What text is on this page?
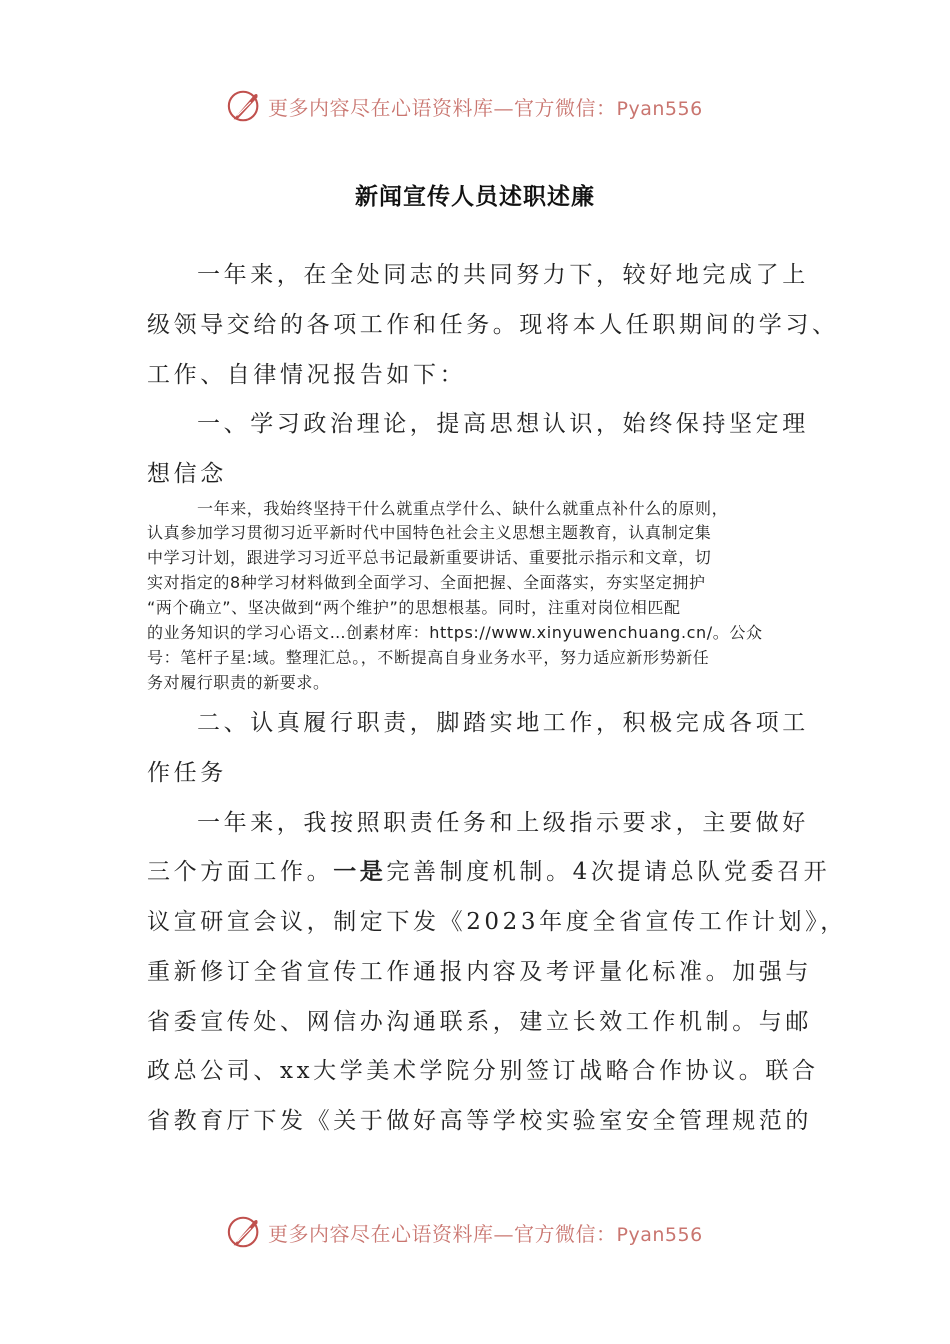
更多内容尽在心语资料库—官方微信：Pyan556
新闻宣传人员述职述廉
一年来，在全处同志的共同努力下，较好地完成了上
级领导交给的各项工作和任务。现将本人任职期间的学习、
工作、自律情况报告如下：
一、学习政治理论，提高思想认识，始终保持坚定理
想信念
一年来，我始终坚持干什么就重点学什么、缺什么就重点补什么的原则，
认真参加学习贯彻习近平新时代中国特色社会主义思想主题教育，认真制定集
中学习计划，跟进学习习近平总书记最新重要讲话、重要批示指示和文章，切
实对指定的8种学习材料做到全面学习、全面把握、全面落实，夯实坚定拥护
“两个确立”、坚决做到“两个维护”的思想根基。同时，注重对岗位相匹配
的业务知识的学习心语文…创素材库：https://www.xinyuwenchuang.cn/。公众
号：笔杆子星:域。整理汇总。，不断提高自身业务水平，努力适应新形势新任
务对履行职责的新要求。
二、认真履行职责，脚踏实地工作，积极完成各项工
作任务
一年来，我按照职责任务和上级指示要求，主要做好
三个方面工作。一是完善制度机制。4次提请总队党委召开
议宣研宣会议，制定下发《2023年度全省宣传工作计划》，
重新修订全省宣传工作通报内容及考评量化标准。加强与
省委宣传处、网信办沟通联系，建立长效工作机制。与邮
政总公司、xx大学美术学院分别签订战略合作协议。联合
省教育厅下发《关于做好高等学校实验室安全管理规范的
更多内容尽在心语资料库—官方微信：Pyan556
